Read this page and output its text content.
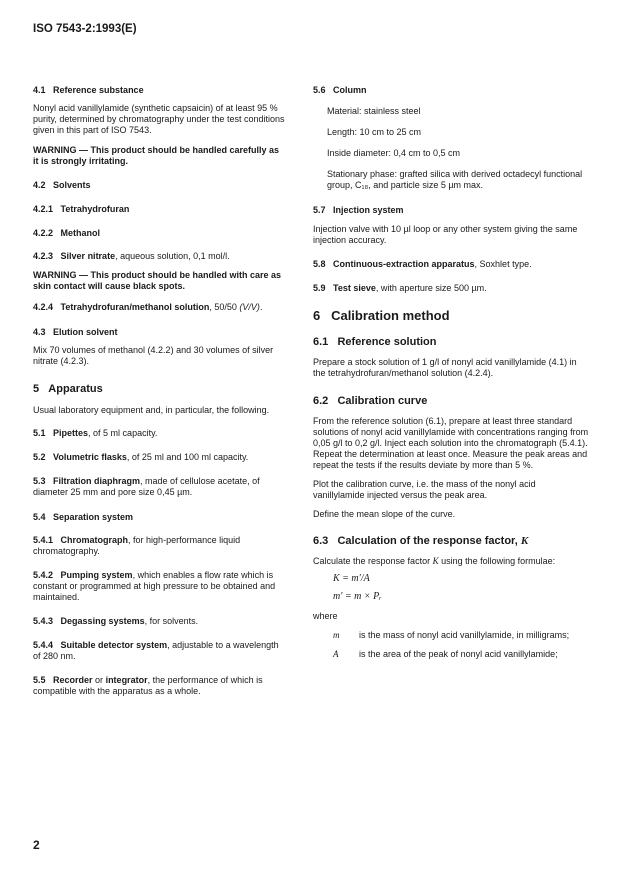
ISO 7543-2:1993(E)
4.1 Reference substance
Nonyl acid vanillylamide (synthetic capsaicin) of at least 95 % purity, determined by chromatography under the test conditions given in this part of ISO 7543.
WARNING — This product should be handled carefully as it is strongly irritating.
4.2 Solvents
4.2.1 Tetrahydrofuran
4.2.2 Methanol
4.2.3 Silver nitrate, aqueous solution, 0,1 mol/l.
WARNING — This product should be handled with care as skin contact will cause black spots.
4.2.4 Tetrahydrofuran/methanol solution, 50/50 (V/V).
4.3 Elution solvent
Mix 70 volumes of methanol (4.2.2) and 30 volumes of silver nitrate (4.2.3).
5 Apparatus
Usual laboratory equipment and, in particular, the following.
5.1 Pipettes, of 5 ml capacity.
5.2 Volumetric flasks, of 25 ml and 100 ml capacity.
5.3 Filtration diaphragm, made of cellulose acetate, of diameter 25 mm and pore size 0,45 µm.
5.4 Separation system
5.4.1 Chromatograph, for high-performance liquid chromatography.
5.4.2 Pumping system, which enables a flow rate which is constant or programmed at high pressure to be obtained and maintained.
5.4.3 Degassing systems, for solvents.
5.4.4 Suitable detector system, adjustable to a wavelength of 280 nm.
5.5 Recorder or integrator, the performance of which is compatible with the apparatus as a whole.
5.6 Column
Material: stainless steel
Length: 10 cm to 25 cm
Inside diameter: 0,4 cm to 0,5 cm
Stationary phase: grafted silica with derived octadecyl functional group, C₁₈, and particle size 5 µm max.
5.7 Injection system
Injection valve with 10 µl loop or any other system giving the same injection accuracy.
5.8 Continuous-extraction apparatus, Soxhlet type.
5.9 Test sieve, with aperture size 500 µm.
6 Calibration method
6.1 Reference solution
Prepare a stock solution of 1 g/l of nonyl acid vanillylamide (4.1) in the tetrahydrofuran/methanol solution (4.2.4).
6.2 Calibration curve
From the reference solution (6.1), prepare at least three standard solutions of nonyl acid vanillylamide with concentrations ranging from 0,05 g/l to 0,2 g/l. Inject each solution into the chromatograph (5.4.1). Repeat the determination at least once. Measure the peak areas and repeat the tests if the results deviate by more than 5 %.
Plot the calibration curve, i.e. the mass of the nonyl acid vanillylamide injected versus the peak area.
Define the mean slope of the curve.
6.3 Calculation of the response factor, K
Calculate the response factor K using the following formulae:
K = m′/A
m′ = m × Pᵣ
where
m	is the mass of nonyl acid vanillylamide, in milligrams;
A	is the area of the peak of nonyl acid vanillylamide;
2
